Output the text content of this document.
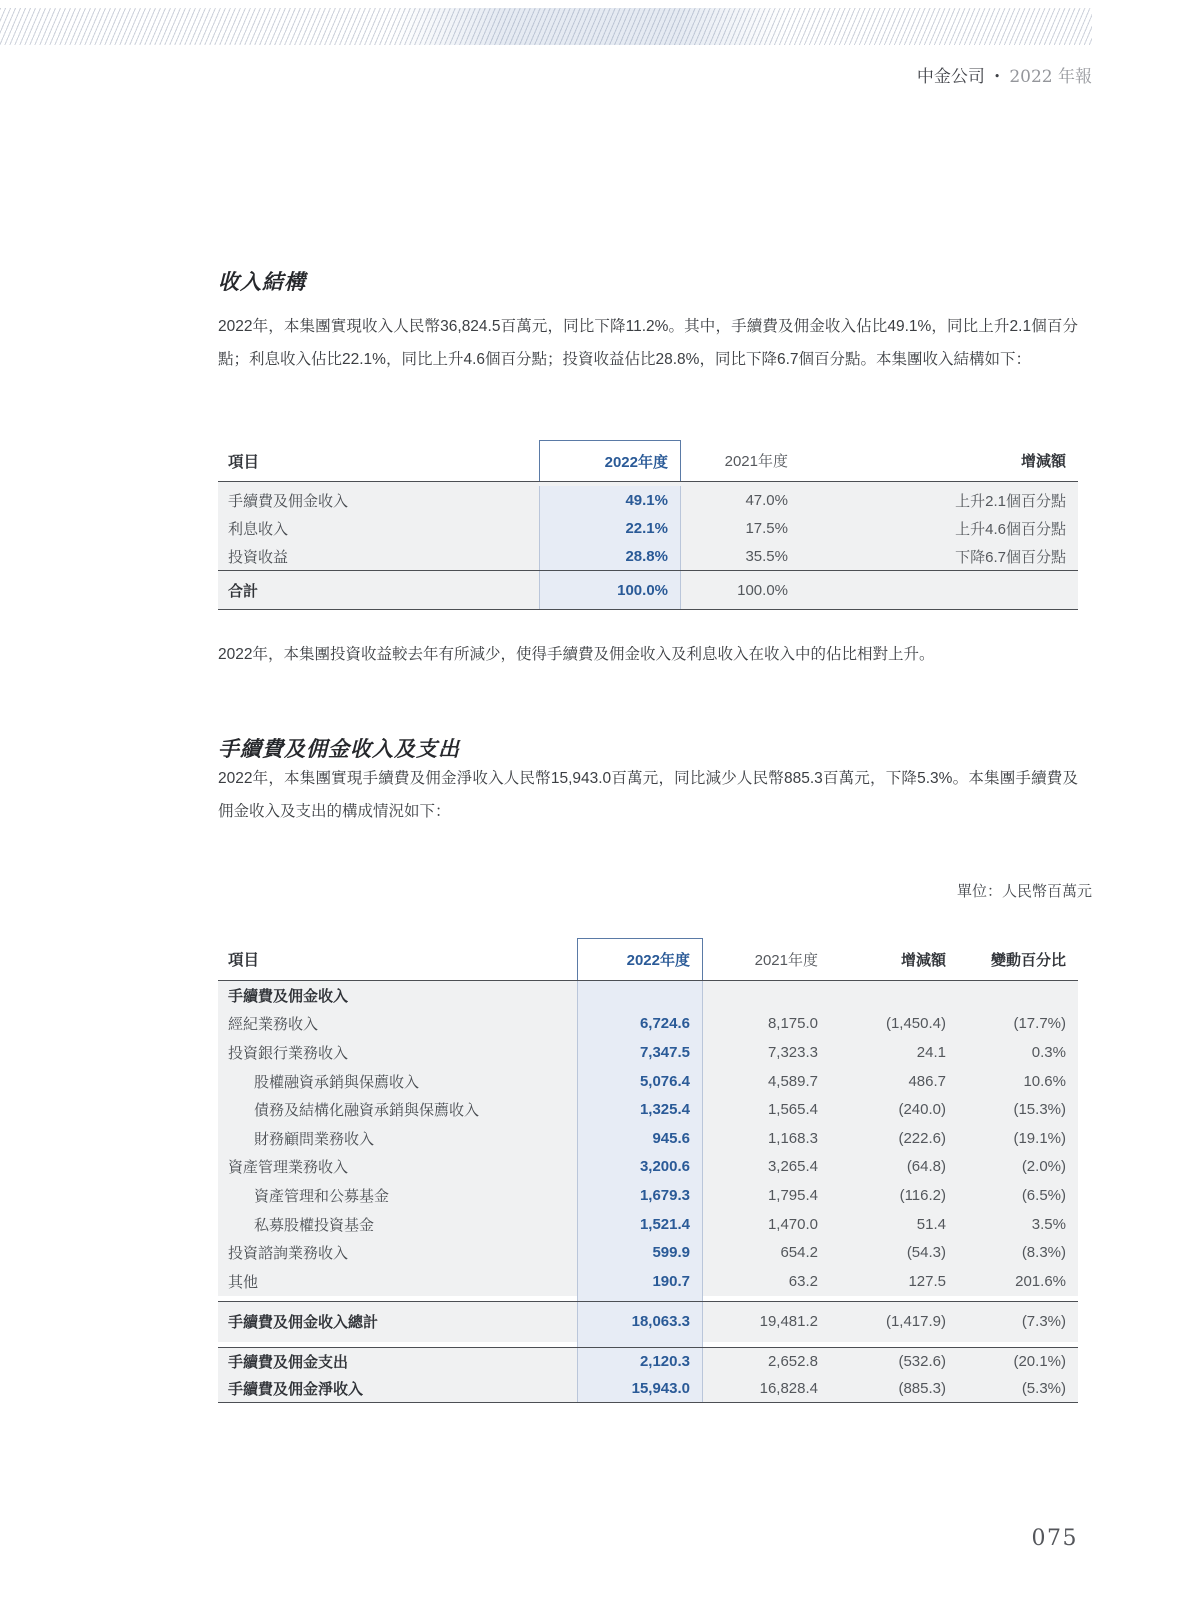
中金公司 • 2022 年報
收入結構

2022年，本集團實現收入人民幣36,824.5百萬元，同比下降11.2%。其中，手續費及佣金收入佔比49.1%，同比上升2.1個百分點；利息收入佔比22.1%，同比上升4.6個百分點；投資收益佔比28.8%，同比下降6.7個百分點。本集團收入結構如下：

項目	2022年度	2021年度	增減額
手續費及佣金收入	49.1%	47.0%	上升2.1個百分點
利息收入	22.1%	17.5%	上升4.6個百分點
投資收益	28.8%	35.5%	下降6.7個百分點
合計	100.0%	100.0%

2022年，本集團投資收益較去年有所減少，使得手續費及佣金收入及利息收入在收入中的佔比相對上升。

手續費及佣金收入及支出

2022年，本集團實現手續費及佣金淨收入人民幣15,943.0百萬元，同比減少人民幣885.3百萬元，下降5.3%。本集團手續費及佣金收入及支出的構成情況如下：

單位：人民幣百萬元
項目	2022年度	2021年度	增減額	變動百分比
手續費及佣金收入
經紀業務收入	6,724.6	8,175.0	(1,450.4)	(17.7%)
投資銀行業務收入	7,347.5	7,323.3	24.1	0.3%
股權融資承銷與保薦收入	5,076.4	4,589.7	486.7	10.6%
債務及結構化融資承銷與保薦收入	1,325.4	1,565.4	(240.0)	(15.3%)
財務顧問業務收入	945.6	1,168.3	(222.6)	(19.1%)
資產管理業務收入	3,200.6	3,265.4	(64.8)	(2.0%)
資產管理和公募基金	1,679.3	1,795.4	(116.2)	(6.5%)
私募股權投資基金	1,521.4	1,470.0	51.4	3.5%
投資諮詢業務收入	599.9	654.2	(54.3)	(8.3%)
其他	190.7	63.2	127.5	201.6%
手續費及佣金收入總計	18,063.3	19,481.2	(1,417.9)	(7.3%)
手續費及佣金支出	2,120.3	2,652.8	(532.6)	(20.1%)
手續費及佣金淨收入	15,943.0	16,828.4	(885.3)	(5.3%)
075
